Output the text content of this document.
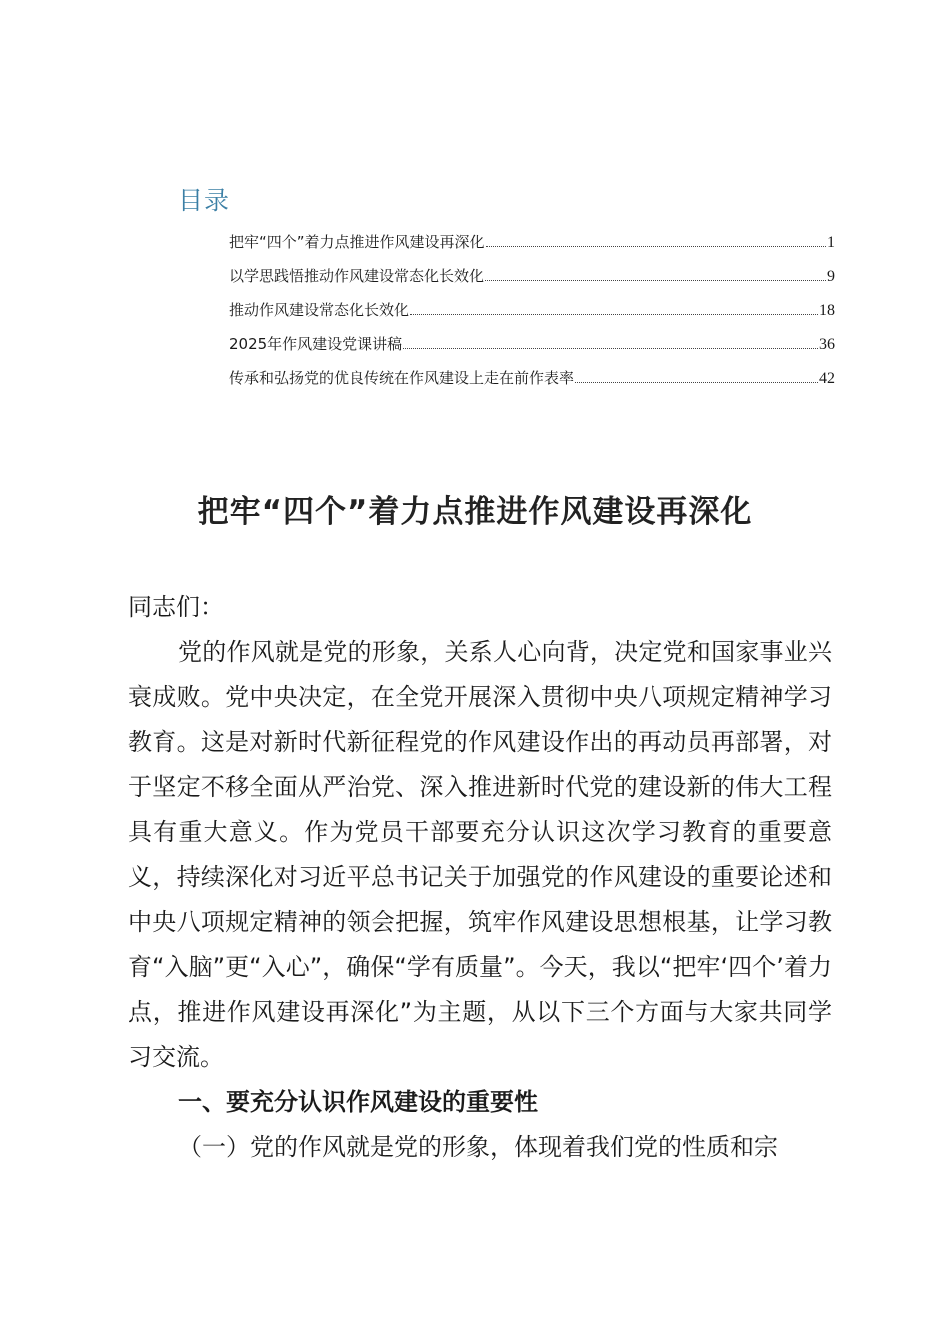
目录
把牢“四个”着力点推进作风建设再深化	1
以学思践悟推动作风建设常态化长效化	9
推动作风建设常态化长效化	18
2025年作风建设党课讲稿	36
传承和弘扬党的优良传统在作风建设上走在前作表率	42
把牢“四个”着力点推进作风建设再深化

同志们：

党的作风就是党的形象，关系人心向背，决定党和国家事业兴衰成败。党中央决定，在全党开展深入贯彻中央八项规定精神学习教育。这是对新时代新征程党的作风建设作出的再动员再部署，对于坚定不移全面从严治党、深入推进新时代党的建设新的伟大工程具有重大意义。作为党员干部要充分认识这次学习教育的重要意义，持续深化对习近平总书记关于加强党的作风建设的重要论述和中央八项规定精神的领会把握，筑牢作风建设思想根基，让学习教育“入脑”更“入心”，确保“学有质量”。今天，我以“把牢‘四个’着力点，推进作风建设再深化”为主题，从以下三个方面与大家共同学习交流。

一、要充分认识作风建设的重要性

（一）党的作风就是党的形象，体现着我们党的性质和宗
